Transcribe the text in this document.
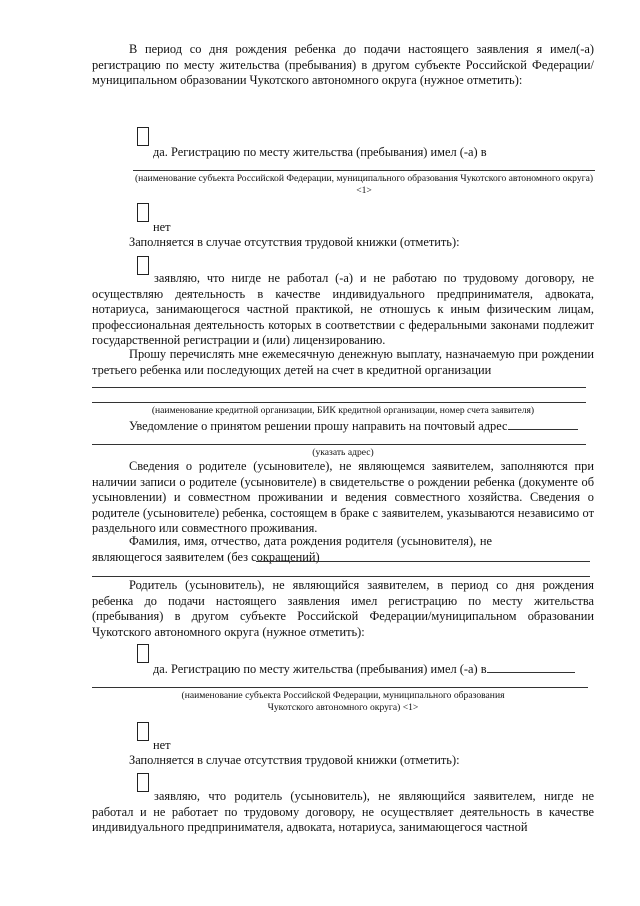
В период со дня рождения ребенка до подачи настоящего заявления я имел(-а) регистрацию по месту жительства (пребывания) в другом субъекте Российской Федерации/муниципальном образовании Чукотского автономного округа (нужное отметить):
да. Регистрацию по месту жительства (пребывания) имел (-а) в
(наименование субъекта Российской Федерации, муниципального образования Чукотского автономного округа) <1>
нет
Заполняется в случае отсутствия трудовой книжки (отметить):
заявляю, что нигде не работал (-а) и не работаю по трудовому договору, не осуществляю деятельность в качестве индивидуального предпринимателя, адвоката, нотариуса, занимающегося частной практикой, не отношусь к иным физическим лицам, профессиональная деятельность которых в соответствии с федеральными законами подлежит государственной регистрации и (или) лицензированию.
Прошу перечислять мне ежемесячную денежную выплату, назначаемую при рождении третьего ребенка или последующих детей на счет в кредитной организации
(наименование кредитной организации, БИК кредитной организации, номер счета заявителя)
Уведомление о принятом решении прошу направить на почтовый адрес
(указать адрес)
Сведения о родителе (усыновителе), не являющемся заявителем, заполняются при наличии записи о родителе (усыновителе) в свидетельстве о рождении ребенка (документе об усыновлении) и совместном проживании и ведения совместного хозяйства. Сведения о родителе (усыновителе) ребенка, состоящем в браке с заявителем, указываются независимо от раздельного или совместного проживания.
Фамилия, имя, отчество, дата рождения родителя (усыновителя), не являющегося заявителем (без сокращений)
Родитель (усыновитель), не являющийся заявителем, в период со дня рождения ребенка до подачи настоящего заявления имел регистрацию по месту жительства (пребывания) в другом субъекте Российской Федерации/муниципальном образовании Чукотского автономного округа (нужное отметить):
да. Регистрацию по месту жительства (пребывания) имел (-а) в
(наименование субъекта Российской Федерации, муниципального образования
Чукотского автономного округа) <1>
нет
Заполняется в случае отсутствия трудовой книжки (отметить):
заявляю, что родитель (усыновитель), не являющийся заявителем, нигде не работал и не работает по трудовому договору, не осуществляет деятельность в качестве индивидуального предпринимателя, адвоката, нотариуса, занимающегося частной
